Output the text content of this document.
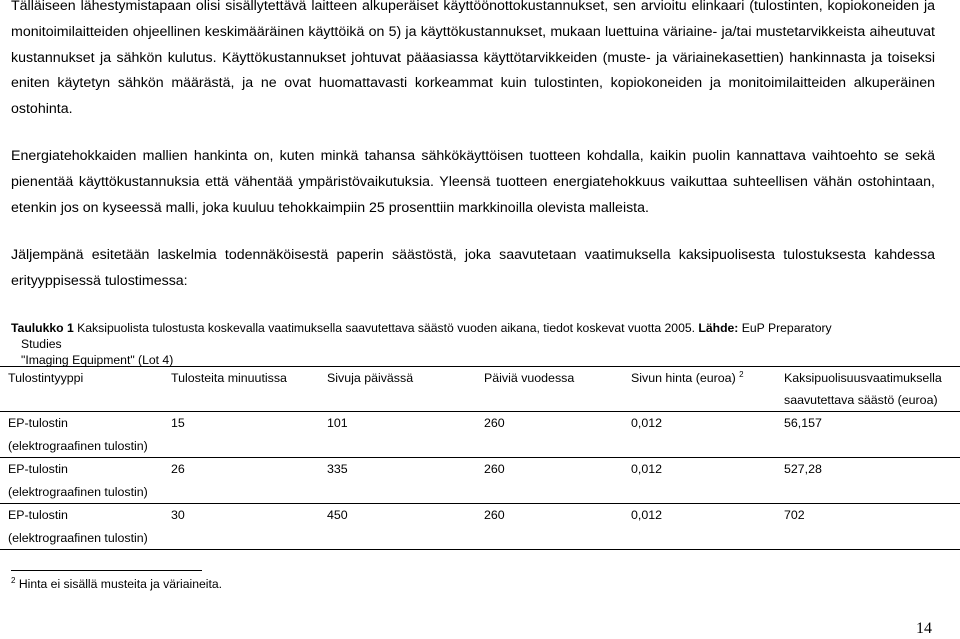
Tälläiseen lähestymistapaan olisi sisällytettävä laitteen alkuperäiset käyttöönottokustannukset, sen arvioitu elinkaari (tulostinten, kopiokoneiden ja monitoimilaitteiden ohjeellinen keskimääräinen käyttöikä on 5) ja käyttökustannukset, mukaan luettuina väriaine- ja/tai mustetarvikkeista aiheutuvat kustannukset ja sähkön kulutus. Käyttökustannukset johtuvat pääasiassa käyttötarvikkeiden (muste- ja väriainekasettien) hankinnasta ja toiseksi eniten käytetyn sähkön määrästä, ja ne ovat huomattavasti korkeammat kuin tulostinten, kopiokoneiden ja monitoimilaitteiden alkuperäinen ostohinta.

Energiatehokkaiden mallien hankinta on, kuten minkä tahansa sähkökäyttöisen tuotteen kohdalla, kaikin puolin kannattava vaihtoehto se sekä pienentää käyttökustannuksia että vähentää ympäristövaikutuksia. Yleensä tuotteen energiatehokkuus vaikuttaa suhteellisen vähän ostohintaan, etenkin jos on kyseessä malli, joka kuuluu tehokkaimpiin 25 prosenttiin markkinoilla olevista malleista.

Jäljempänä esitetään laskelmia todennäköisestä paperin säästöstä, joka saavutetaan vaatimuksella kaksipuolisesta tulostuksesta kahdessa erityyppisessä tulostimessa:

Taulukko 1 Kaksipuolista tulostusta koskevalla vaatimuksella saavutettava säästö vuoden aikana, tiedot koskevat vuotta 2005. Lähde: EuP Preparatory
Studies
"Imaging Equipment" (Lot 4)
Tulostintyyppi	Tulosteita minuutissa	Sivuja päivässä	Päiviä vuodessa	Sivun hinta (euroa) $^2$	Kaksipuolisuusvaatimuksella saavutettava säästö (euroa)

EP-tulostin
(elektrograafinen tulostin)	15	101	260	0,012	56,157

EP-tulostin
(elektrograafinen tulostin)	26	335	260	0,012	527,28

EP-tulostin
(elektrograafinen tulostin)	30	450	260	0,012	702
$^2$ Hinta ei sisällä musteita ja väriaineita.
14
